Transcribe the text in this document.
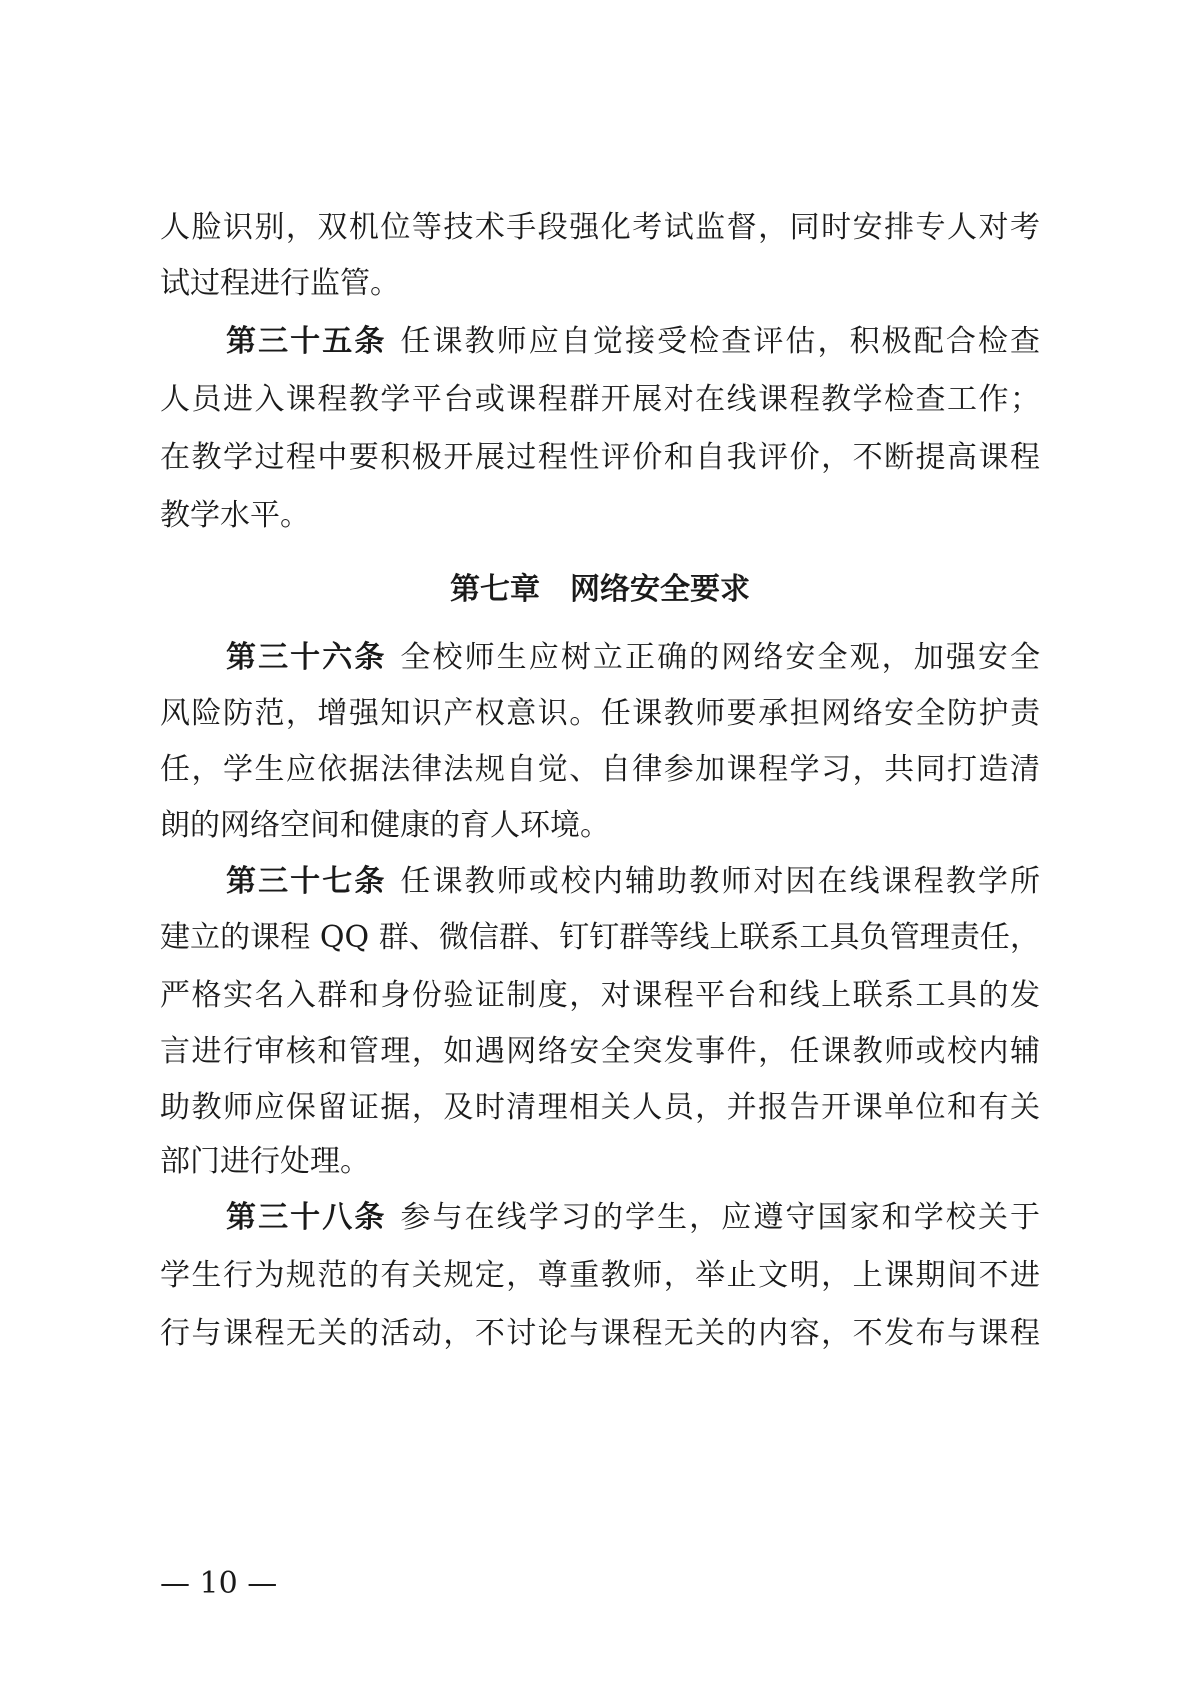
人脸识别，双机位等技术手段强化考试监督，同时安排专人对考
试过程进行监管。
第三十五条 任课教师应自觉接受检查评估，积极配合检查
人员进入课程教学平台或课程群开展对在线课程教学检查工作；
在教学过程中要积极开展过程性评价和自我评价，不断提高课程
教学水平。
第七章 网络安全要求
第三十六条 全校师生应树立正确的网络安全观，加强安全
风险防范，增强知识产权意识。任课教师要承担网络安全防护责
任，学生应依据法律法规自觉、自律参加课程学习，共同打造清
朗的网络空间和健康的育人环境。
第三十七条 任课教师或校内辅助教师对因在线课程教学所
建立的课程 QQ 群、微信群、钉钉群等线上联系工具负管理责任，
严格实名入群和身份验证制度，对课程平台和线上联系工具的发
言进行审核和管理，如遇网络安全突发事件，任课教师或校内辅
助教师应保留证据，及时清理相关人员，并报告开课单位和有关
部门进行处理。
第三十八条 参与在线学习的学生，应遵守国家和学校关于
学生行为规范的有关规定，尊重教师，举止文明，上课期间不进
行与课程无关的活动，不讨论与课程无关的内容，不发布与课程
— 10 —
